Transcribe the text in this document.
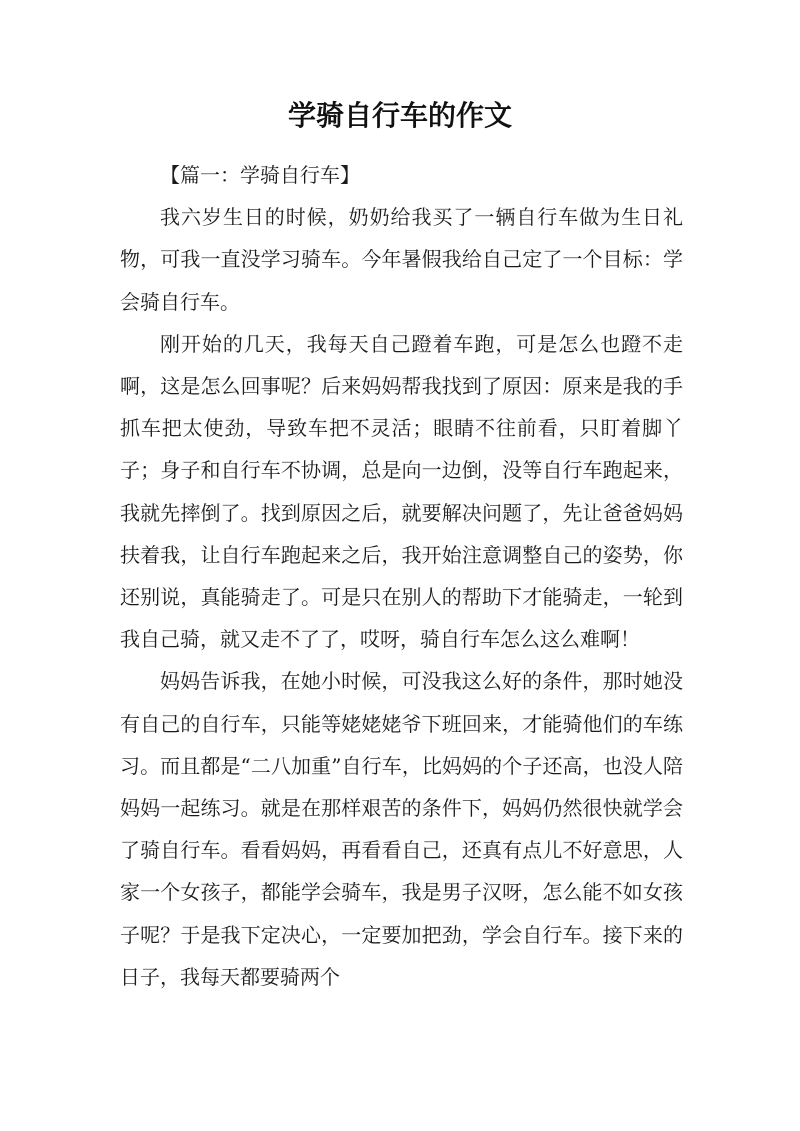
学骑自行车的作文

【篇一：学骑自行车】

我六岁生日的时候，奶奶给我买了一辆自行车做为生日礼物，可我一直没学习骑车。今年暑假我给自己定了一个目标：学会骑自行车。

刚开始的几天，我每天自己蹬着车跑，可是怎么也蹬不走啊，这是怎么回事呢？后来妈妈帮我找到了原因：原来是我的手抓车把太使劲，导致车把不灵活；眼睛不往前看，只盯着脚丫子；身子和自行车不协调，总是向一边倒，没等自行车跑起来，我就先摔倒了。找到原因之后，就要解决问题了，先让爸爸妈妈扶着我，让自行车跑起来之后，我开始注意调整自己的姿势，你还别说，真能骑走了。可是只在别人的帮助下才能骑走，一轮到我自己骑，就又走不了了，哎呀，骑自行车怎么这么难啊！

妈妈告诉我，在她小时候，可没我这么好的条件，那时她没有自己的自行车，只能等姥姥姥爷下班回来，才能骑他们的车练习。而且都是“二八加重”自行车，比妈妈的个子还高，也没人陪妈妈一起练习。就是在那样艰苦的条件下，妈妈仍然很快就学会了骑自行车。看看妈妈，再看看自己，还真有点儿不好意思，人家一个女孩子，都能学会骑车，我是男子汉呀，怎么能不如女孩子呢？于是我下定决心，一定要加把劲，学会自行车。接下来的日子，我每天都要骑两个
